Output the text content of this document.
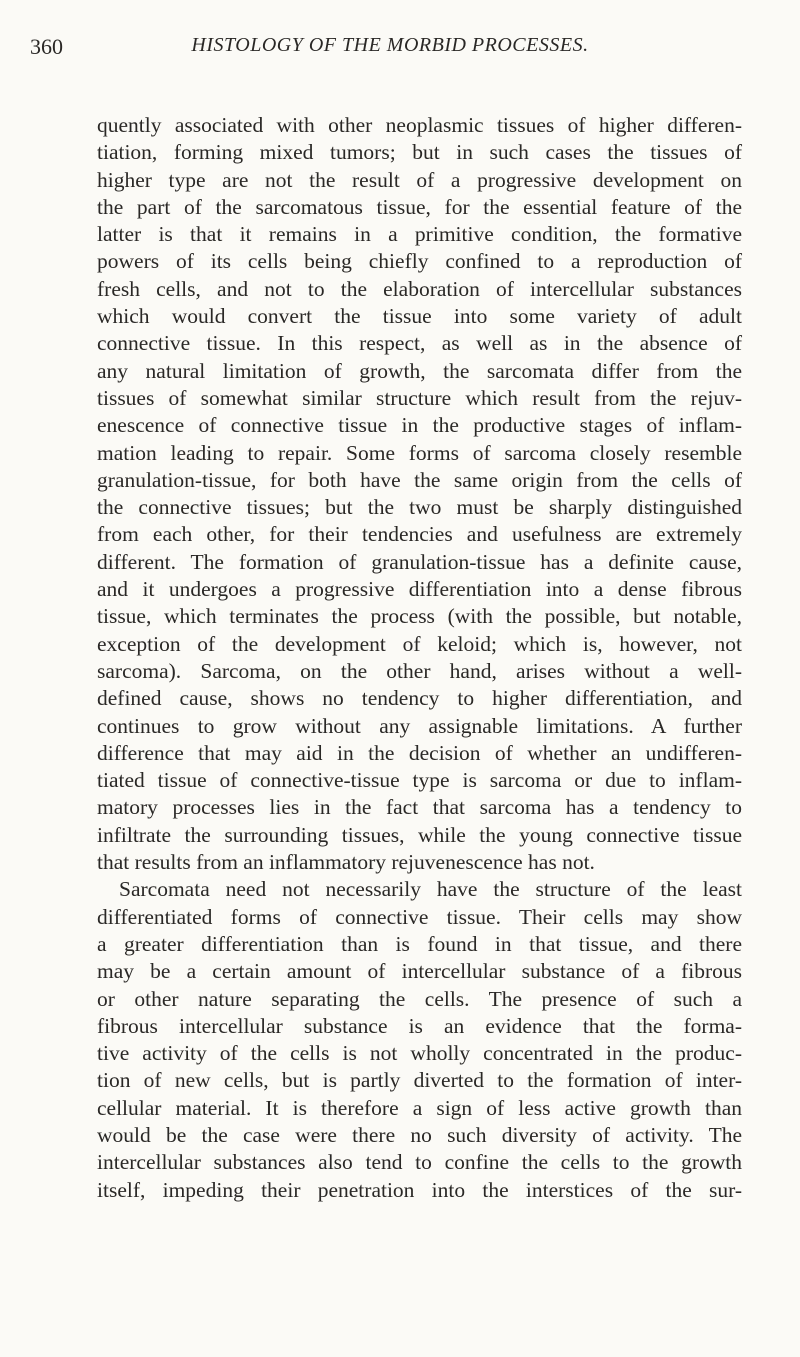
360	HISTOLOGY OF THE MORBID PROCESSES.
quently associated with other neoplasmic tissues of higher differen-
tiation, forming mixed tumors; but in such cases the tissues of
higher type are not the result of a progressive development on
the part of the sarcomatous tissue, for the essential feature of the
latter is that it remains in a primitive condition, the formative
powers of its cells being chiefly confined to a reproduction of
fresh cells, and not to the elaboration of intercellular substances
which would convert the tissue into some variety of adult
connective tissue. In this respect, as well as in the absence of
any natural limitation of growth, the sarcomata differ from the
tissues of somewhat similar structure which result from the rejuv-
enescence of connective tissue in the productive stages of inflam-
mation leading to repair. Some forms of sarcoma closely resemble
granulation-tissue, for both have the same origin from the cells of
the connective tissues; but the two must be sharply distinguished
from each other, for their tendencies and usefulness are extremely
different. The formation of granulation-tissue has a definite cause,
and it undergoes a progressive differentiation into a dense fibrous
tissue, which terminates the process (with the possible, but notable,
exception of the development of keloid; which is, however, not
sarcoma). Sarcoma, on the other hand, arises without a well-
defined cause, shows no tendency to higher differentiation, and
continues to grow without any assignable limitations. A further
difference that may aid in the decision of whether an undifferen-
tiated tissue of connective-tissue type is sarcoma or due to inflam-
matory processes lies in the fact that sarcoma has a tendency to
infiltrate the surrounding tissues, while the young connective tissue
that results from an inflammatory rejuvenescence has not.
Sarcomata need not necessarily have the structure of the least
differentiated forms of connective tissue. Their cells may show
a greater differentiation than is found in that tissue, and there
may be a certain amount of intercellular substance of a fibrous
or other nature separating the cells. The presence of such a
fibrous intercellular substance is an evidence that the forma-
tive activity of the cells is not wholly concentrated in the produc-
tion of new cells, but is partly diverted to the formation of inter-
cellular material. It is therefore a sign of less active growth than
would be the case were there no such diversity of activity. The
intercellular substances also tend to confine the cells to the growth
itself, impeding their penetration into the interstices of the sur-
